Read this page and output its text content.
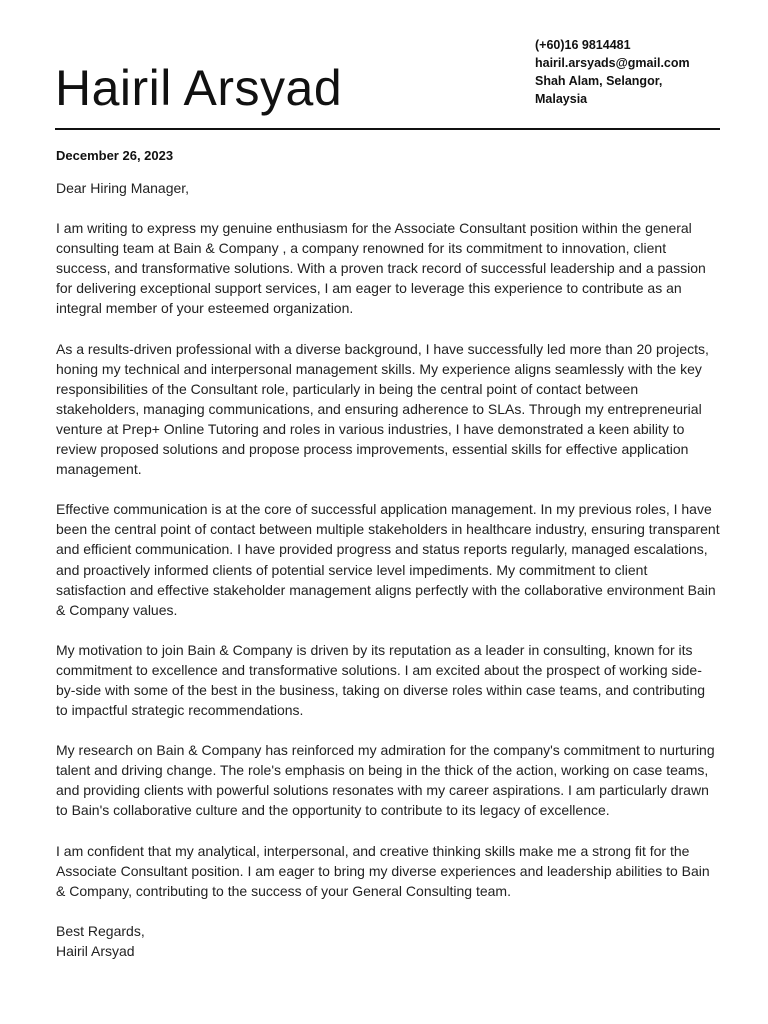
Hairil Arsyad
(+60)16 9814481
hairil.arsyads@gmail.com
Shah Alam, Selangor,
Malaysia
December 26, 2023

Dear Hiring Manager,

I am writing to express my genuine enthusiasm for the Associate Consultant position within the general consulting team at Bain & Company , a company renowned for its commitment to innovation, client success, and transformative solutions. With a proven track record of successful leadership and a passion for delivering exceptional support services, I am eager to leverage this experience to contribute as an integral member of your esteemed organization.

As a results-driven professional with a diverse background, I have successfully led more than 20 projects, honing my technical and interpersonal management skills. My experience aligns seamlessly with the key responsibilities of the Consultant role, particularly in being the central point of contact between stakeholders, managing communications, and ensuring adherence to SLAs. Through my entrepreneurial venture at Prep+ Online Tutoring and roles in various industries, I have demonstrated a keen ability to review proposed solutions and propose process improvements, essential skills for effective application management.

Effective communication is at the core of successful application management. In my previous roles, I have been the central point of contact between multiple stakeholders in healthcare industry, ensuring transparent and efficient communication. I have provided progress and status reports regularly, managed escalations, and proactively informed clients of potential service level impediments. My commitment to client satisfaction and effective stakeholder management aligns perfectly with the collaborative environment Bain & Company values.

My motivation to join Bain & Company is driven by its reputation as a leader in consulting, known for its commitment to excellence and transformative solutions. I am excited about the prospect of working side-by-side with some of the best in the business, taking on diverse roles within case teams, and contributing to impactful strategic recommendations.

My research on Bain & Company has reinforced my admiration for the company's commitment to nurturing talent and driving change. The role's emphasis on being in the thick of the action, working on case teams, and providing clients with powerful solutions resonates with my career aspirations. I am particularly drawn to Bain's collaborative culture and the opportunity to contribute to its legacy of excellence.

I am confident that my analytical, interpersonal, and creative thinking skills make me a strong fit for the Associate Consultant position. I am eager to bring my diverse experiences and leadership abilities to Bain & Company, contributing to the success of your General Consulting team.

Best Regards,
Hairil Arsyad
